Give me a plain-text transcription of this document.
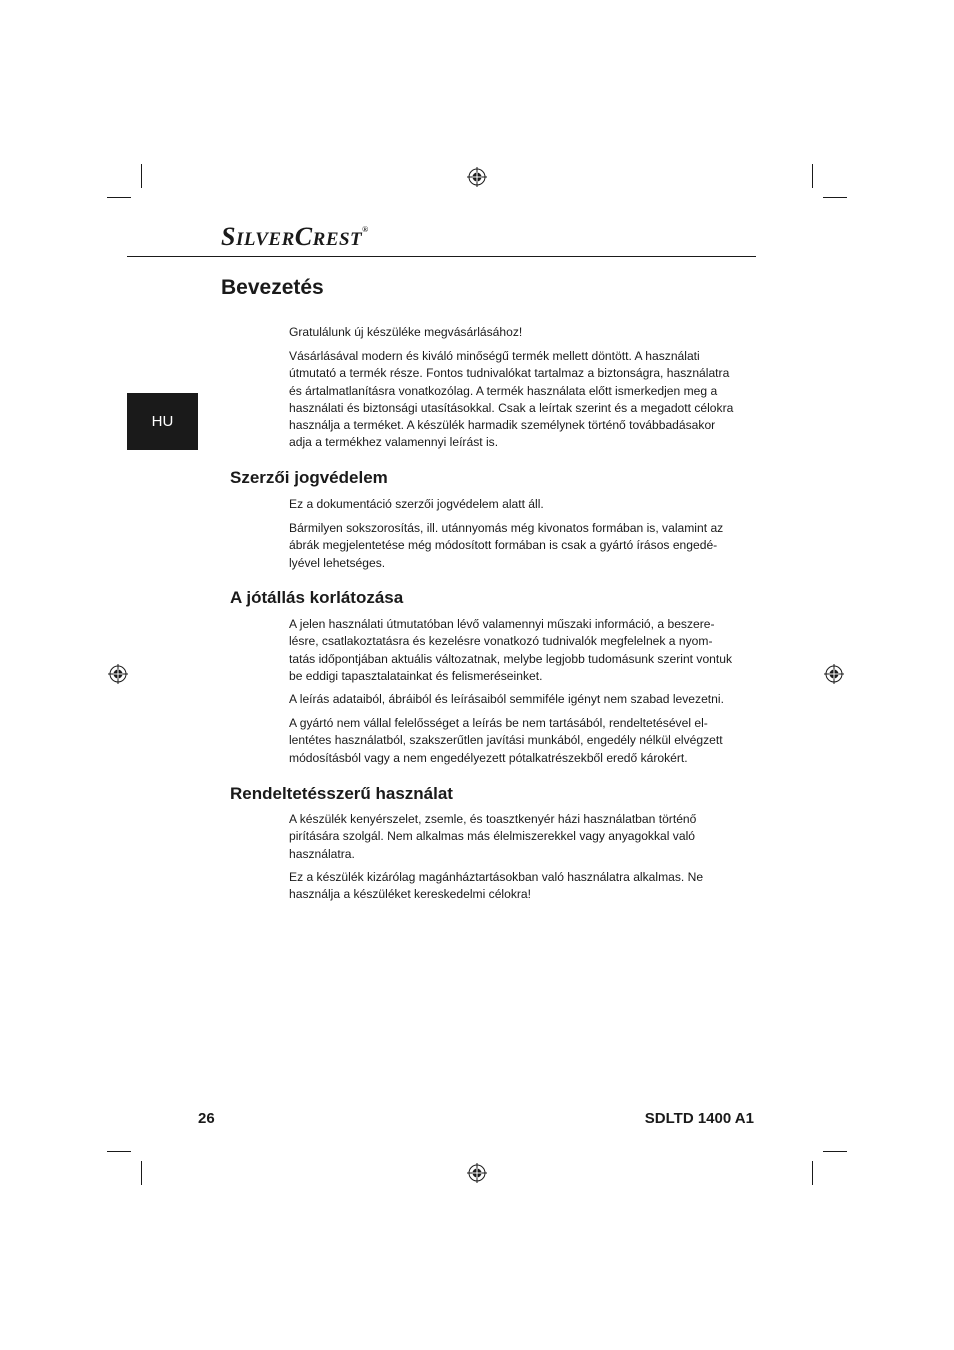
SILVERCREST®
HU
Bevezetés

Gratulálunk új készüléke megvásárlásához!

Vásárlásával modern és kiváló minőségű termék mellett döntött. A használati útmutató a termék része. Fontos tudnivalókat tartalmaz a biztonságra, használatra és ártalmatlanításra vonatkozólag. A termék használata előtt ismerkedjen meg a használati és biztonsági utasításokkal. Csak a leírtak szerint és a megadott célokra használja a terméket. A készülék harmadik személynek történő továbbadásakor adja a termékhez valamennyi leírást is.

Szerzői jogvédelem

Ez a dokumentáció szerzői jogvédelem alatt áll.

Bármilyen sokszorosítás, ill. utánnyomás még kivonatos formában is, valamint az ábrák megjelentetése még módosított formában is csak a gyártó írásos engedé-lyével lehetséges.

A jótállás korlátozása

A jelen használati útmutatóban lévő valamennyi műszaki információ, a beszere-lésre, csatlakoztatásra és kezelésre vonatkozó tudnivalók megfelelnek a nyom-tatás időpontjában aktuális változatnak, melybe legjobb tudomásunk szerint vontuk be eddigi tapasztalatainkat és felismeréseinket.

A leírás adataiból, ábráiból és leírásaiból semmiféle igényt nem szabad levezetni.

A gyártó nem vállal felelősséget a leírás be nem tartásából, rendeltetésével el-lentétes használatból, szakszerűtlen javítási munkából, engedély nélkül elvégzett módosításból vagy a nem engedélyezett pótalkatrészekből eredő károkért.

Rendeltetésszerű használat

A készülék kenyérszelet, zsemle, és toasztkenyér házi használatban történő pirítására szolgál. Nem alkalmas más élelmiszerekkel vagy anyagokkal való használatra.

Ez a készülék kizárólag magánháztartásokban való használatra alkalmas. Ne használja a készüléket kereskedelmi célokra!

26	SDLTD 1400 A1
